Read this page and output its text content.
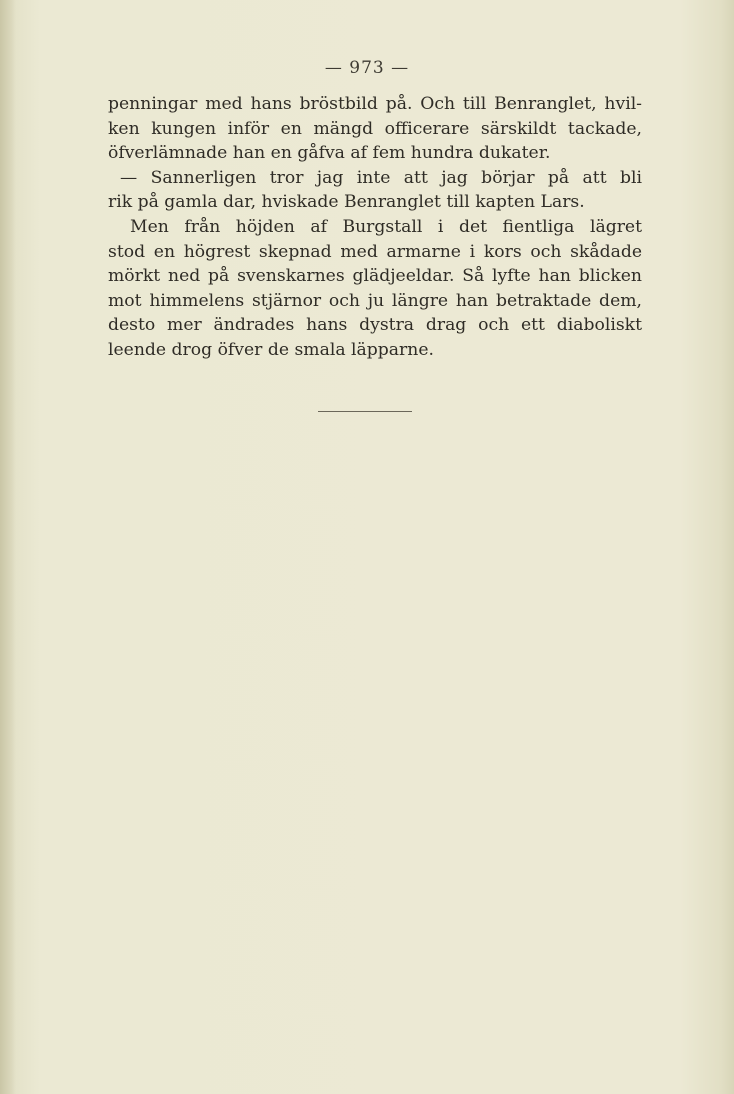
— 973 —
penningar med hans bröstbild på. Och till Benranglet, hvil-
ken kungen inför en mängd officerare särskildt tackade,
öfverlämnade han en gåfva af fem hundra dukater.
— Sannerligen tror jag inte att jag börjar på att bli
rik på gamla dar, hviskade Benranglet till kapten Lars.
Men från höjden af Burgstall i det fientliga lägret
stod en högrest skepnad med armarne i kors och skådade
mörkt ned på svenskarnes glädjeeldar. Så lyfte han blicken
mot himmelens stjärnor och ju längre han betraktade dem,
desto mer ändrades hans dystra drag och ett diaboliskt
leende drog öfver de smala läpparne.
